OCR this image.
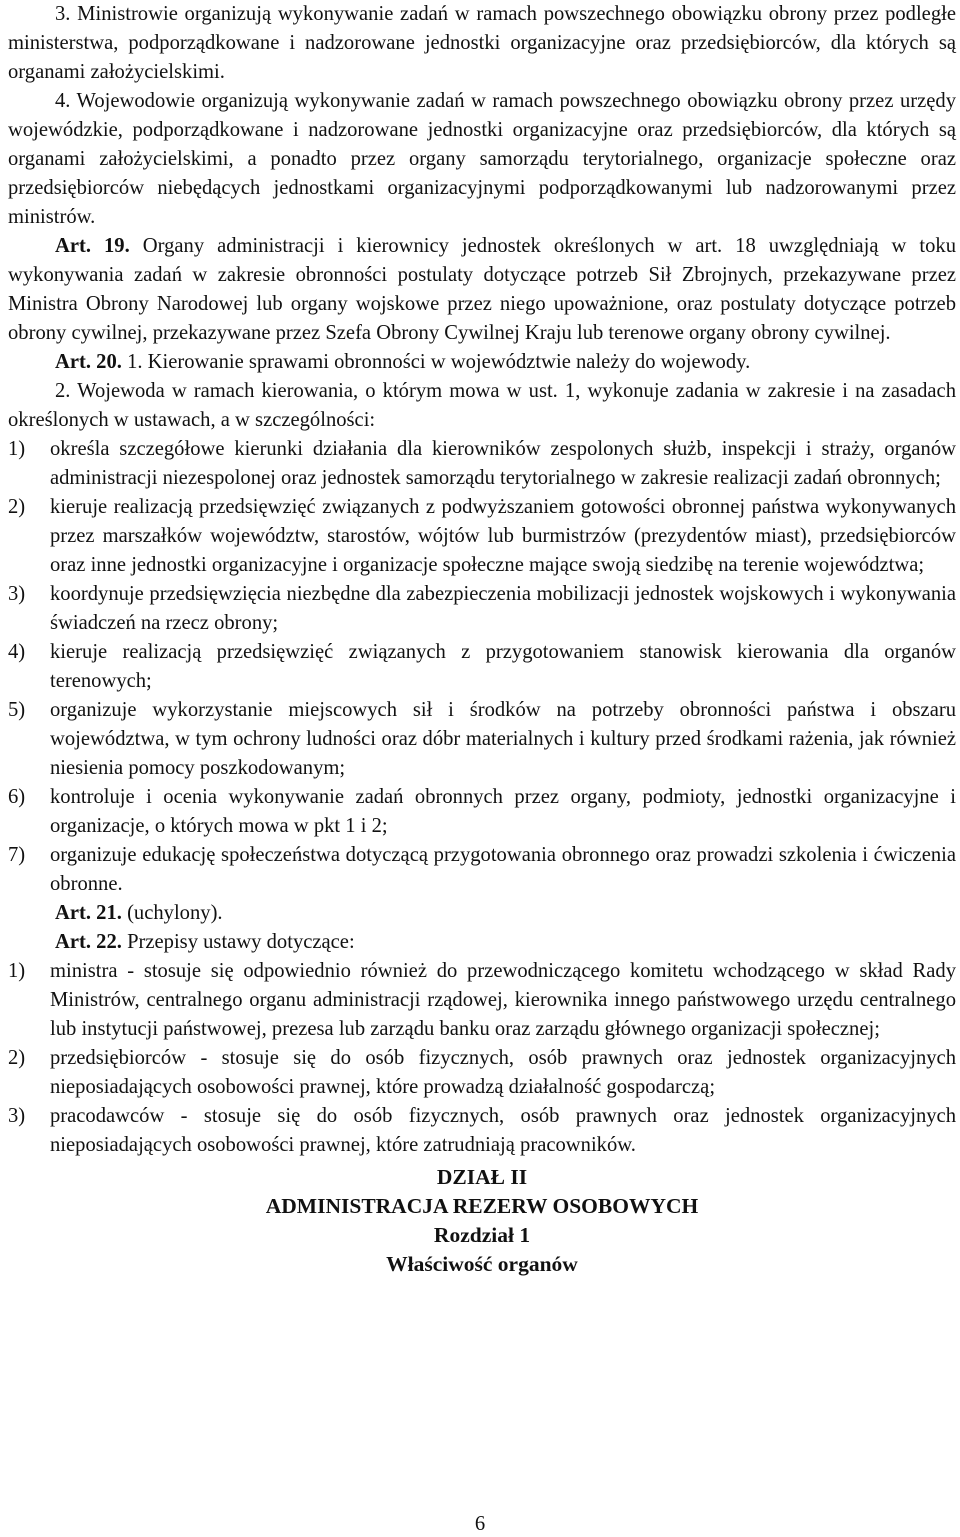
3. Ministrowie organizują wykonywanie zadań w ramach powszechnego obowiązku obrony przez podległe ministerstwa, podporządkowane i nadzorowane jednostki organizacyjne oraz przedsiębiorców, dla których są organami założycielskimi.

4. Wojewodowie organizują wykonywanie zadań w ramach powszechnego obowiązku obrony przez urzędy wojewódzkie, podporządkowane i nadzorowane jednostki organizacyjne oraz przedsiębiorców, dla których są organami założycielskimi, a ponadto przez organy samorządu terytorialnego, organizacje społeczne oraz przedsiębiorców niebędących jednostkami organizacyjnymi podporządkowanymi lub nadzorowanymi przez ministrów.

Art. 19. Organy administracji i kierownicy jednostek określonych w art. 18 uwzględniają w toku wykonywania zadań w zakresie obronności postulaty dotyczące potrzeb Sił Zbrojnych, przekazywane przez Ministra Obrony Narodowej lub organy wojskowe przez niego upoważnione, oraz postulaty dotyczące potrzeb obrony cywilnej, przekazywane przez Szefa Obrony Cywilnej Kraju lub terenowe organy obrony cywilnej.

Art. 20. 1. Kierowanie sprawami obronności w województwie należy do wojewody.

2. Wojewoda w ramach kierowania, o którym mowa w ust. 1, wykonuje zadania w zakresie i na zasadach określonych w ustawach, a w szczególności:

1)	określa szczegółowe kierunki działania dla kierowników zespolonych służb, inspekcji i straży, organów administracji niezespolonej oraz jednostek samorządu terytorialnego w zakresie realizacji zadań obronnych;
2)	kieruje realizacją przedsięwzięć związanych z podwyższaniem gotowości obronnej państwa wykonywanych przez marszałków województw, starostów, wójtów lub burmistrzów (prezydentów miast), przedsiębiorców oraz inne jednostki organizacyjne i organizacje społeczne mające swoją siedzibę na terenie województwa;
3)	koordynuje przedsięwzięcia niezbędne dla zabezpieczenia mobilizacji jednostek wojskowych i wykonywania świadczeń na rzecz obrony;
4)	kieruje realizacją przedsięwzięć związanych z przygotowaniem stanowisk kierowania dla organów terenowych;
5)	organizuje wykorzystanie miejscowych sił i środków na potrzeby obronności państwa i obszaru województwa, w tym ochrony ludności oraz dóbr materialnych i kultury przed środkami rażenia, jak również niesienia pomocy poszkodowanym;
6)	kontroluje i ocenia wykonywanie zadań obronnych przez organy, podmioty, jednostki organizacyjne i organizacje, o których mowa w pkt 1 i 2;
7)	organizuje edukację społeczeństwa dotyczącą przygotowania obronnego oraz prowadzi szkolenia i ćwiczenia obronne.

Art. 21. (uchylony).

Art. 22. Przepisy ustawy dotyczące:

1)	ministra - stosuje się odpowiednio również do przewodniczącego komitetu wchodzącego w skład Rady Ministrów, centralnego organu administracji rządowej, kierownika innego państwowego urzędu centralnego lub instytucji państwowej, prezesa lub zarządu banku oraz zarządu głównego organizacji społecznej;
2)	przedsiębiorców - stosuje się do osób fizycznych, osób prawnych oraz jednostek organizacyjnych nieposiadających osobowości prawnej, które prowadzą działalność gospodarczą;
3)	pracodawców - stosuje się do osób fizycznych, osób prawnych oraz jednostek organizacyjnych nieposiadających osobowości prawnej, które zatrudniają pracowników.

DZIAŁ II

ADMINISTRACJA REZERW OSOBOWYCH

Rozdział 1

Właściwość organów

6
